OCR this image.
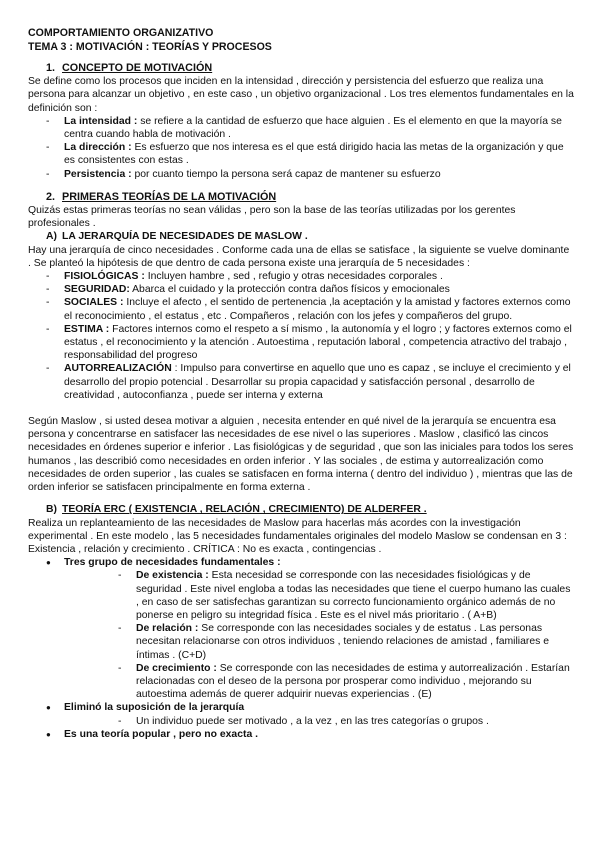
COMPORTAMIENTO ORGANIZATIVO

TEMA 3 : MOTIVACIÓN : TEORÍAS Y PROCESOS

1. CONCEPTO DE MOTIVACIÓN

Se define como los procesos que inciden en la intensidad , dirección y persistencia del esfuerzo que realiza una persona para alcanzar un objetivo , en este caso , un objetivo organizacional . Los tres elementos fundamentales en la definición son :

- La intensidad : se refiere a la cantidad de esfuerzo que hace alguien . Es el elemento en que la mayoría se centra cuando habla de motivación .
- La dirección : Es esfuerzo que nos interesa es el que está dirigido hacia las metas de la organización y que es consistentes con estas .
- Persistencia : por cuanto tiempo la persona será capaz de mantener su esfuerzo
2. PRIMERAS TEORÍAS DE LA MOTIVACIÓN

Quizás estas primeras teorías no sean válidas , pero son la base de las teorías utilizadas por los gerentes profesionales .

A) LA JERARQUÍA DE NECESIDADES DE MASLOW .

Hay una jerarquía de cinco necesidades . Conforme cada una de ellas se satisface , la siguiente se vuelve dominante . Se planteó la hipótesis de que dentro de cada persona existe una jerarquía de 5 necesidades :

- FISIOLÓGICAS : Incluyen hambre , sed , refugio y otras necesidades corporales .
- SEGURIDAD: Abarca el cuidado y la protección contra daños físicos y emocionales
- SOCIALES : Incluye el afecto , el sentido de pertenencia ,la aceptación y la amistad y factores externos como el reconocimiento , el estatus , etc . Compañeros , relación con los jefes y compañeros del grupo.
- ESTIMA : Factores internos como el respeto a sí mismo , la autonomía y el logro ; y factores externos como el estatus , el reconocimiento y la atención . Autoestima , reputación laboral , competencia atractivo del trabajo , responsabilidad del progreso
- AUTORREALIZACIÓN : Impulso para convertirse en aquello que uno es capaz , se incluye el crecimiento y el desarrollo del propio potencial . Desarrollar su propia capacidad y satisfacción personal , desarrollo de creatividad , autoconfianza , puede ser interna y externa

Según Maslow , si usted desea motivar a alguien , necesita entender en qué nivel de la jerarquía se encuentra esa persona y concentrarse en satisfacer las necesidades de ese nivel o las superiores . Maslow , clasificó las cincos necesidades en órdenes superior e inferior . Las fisiológicas y de seguridad , que son las iniciales para todos los seres humanos , las describió como necesidades en orden inferior . Y las sociales , de estima y autorrealización como necesidades de orden superior , las cuales se satisfacen en forma interna ( dentro del individuo ) , mientras que las de orden inferior se satisfacen principalmente en forma externa .

B) TEORÍA ERC ( EXISTENCIA , RELACIÓN , CRECIMIENTO) DE ALDERFER .

Realiza un replanteamiento de las necesidades de Maslow para hacerlas más acordes con la investigación experimental . En este modelo , las 5 necesidades fundamentales originales del modelo Maslow se condensan en 3 : Existencia , relación y crecimiento . CRÍTICA : No es exacta , contingencias .

● Tres grupo de necesidades fundamentales :
- De existencia : Esta necesidad se corresponde con las necesidades fisiológicas y de seguridad . Este nivel engloba a todas las necesidades que tiene el cuerpo humano las cuales , en caso de ser satisfechas garantizan su correcto funcionamiento orgánico además de no ponerse en peligro su integridad física . Este es el nivel más prioritario . ( A+B)
- De relación : Se corresponde con las necesidades sociales y de estatus . Las personas necesitan relacionarse con otros individuos , teniendo relaciones de amistad , familiares e íntimas . (C+D)
- De crecimiento : Se corresponde con las necesidades de estima y autorrealización . Estarían relacionadas con el deseo de la persona por prosperar como individuo , mejorando su autoestima además de querer adquirir nuevas experiencias . (E)
● Eliminó la suposición de la jerarquía
- Un individuo puede ser motivado , a la vez , en las tres categorías o grupos .
● Es una teoría popular , pero no exacta .
